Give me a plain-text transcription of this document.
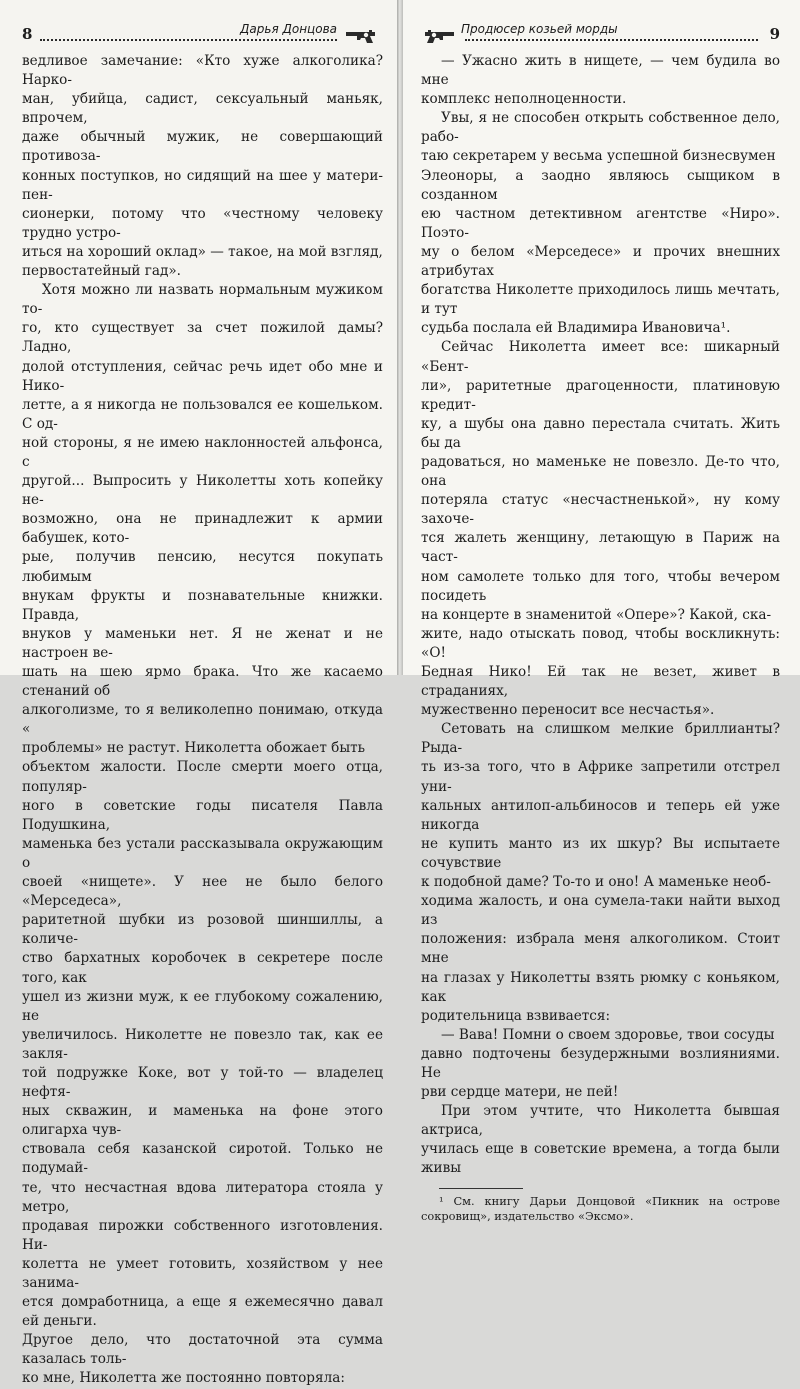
8	Дарья Донцова

ведливое замечание: «Кто хуже алкоголика? Нарко-

ман, убийца, садист, сексуальный маньяк, впрочем,

даже обычный мужик, не совершающий противоза-

конных поступков, но сидящий на шее у матери-пен-

сионерки, потому что «честному человеку трудно устро-

иться на хороший оклад» — такое, на мой взгляд,

первостатейный гад».

Хотя можно ли назвать нормальным мужиком то-

го, кто существует за счет пожилой дамы? Ладно,

долой отступления, сейчас речь идет обо мне и Нико-

летте, а я никогда не пользовался ее кошельком. С од-

ной стороны, я не имею наклонностей альфонса, с

другой... Выпросить у Николетты хоть копейку не-

возможно, она не принадлежит к армии бабушек, кото-

рые, получив пенсию, несутся покупать любимым

внукам фрукты и познавательные книжки. Правда,

внуков у маменьки нет. Я не женат и не настроен ве-

шать на шею ярмо брака. Что же касаемо стенаний об

алкоголизме, то я великолепно понимаю, откуда «

проблемы» не растут. Николетта обожает быть

объектом жалости. После смерти моего отца, популяр-

ного в советские годы писателя Павла Подушкина,

маменька без устали рассказывала окружающим о

своей «нищете». У нее не было белого «Мерседеса»,

раритетной шубки из розовой шиншиллы, а количе-

ство бархатных коробочек в секретере после того, как

ушел из жизни муж, к ее глубокому сожалению, не

увеличилось. Николетте не повезло так, как ее закля-

той подружке Коке, вот у той-то — владелец нефтя-

ных скважин, и маменька на фоне этого олигарха чув-

ствовала себя казанской сиротой. Только не подумай-

те, что несчастная вдова литератора стояла у метро,

продавая пирожки собственного изготовления. Ни-

колетта не умеет готовить, хозяйством у нее занима-

ется домработница, а еще я ежемесячно давал ей деньги.

Другое дело, что достаточной эта сумма казалась толь-

ко мне, Николетта же постоянно повторяла:

Продюсер козьей морды	9

— Ужасно жить в нищете, — чем будила во мне

комплекс неполноценности.

Увы, я не способен открыть собственное дело, рабо-

таю секретарем у весьма успешной бизнесвумен

Элеоноры, а заодно являюсь сыщиком в созданном

ею частном детективном агентстве «Ниро». Поэто-

му о белом «Мерседесе» и прочих внешних атрибутах

богатства Николетте приходилось лишь мечтать, и тут

судьба послала ей Владимира Ивановича¹.

Сейчас Николетта имеет все: шикарный «Бент-

ли», раритетные драгоценности, платиновую кредит-

ку, а шубы она давно перестала считать. Жить бы да

радоваться, но маменьке не повезло. Де-то что, она

потеряла статус «несчастненькой», ну кому захоче-

тся жалеть женщину, летающую в Париж на част-

ном самолете только для того, чтобы вечером посидеть

на концерте в знаменитой «Опере»? Какой, ска-

жите, надо отыскать повод, чтобы воскликнуть: «О!

Бедная Нико! Ей так не везет, живет в страданиях,

мужественно переносит все несчастья».

Сетовать на слишком мелкие бриллианты? Рыда-

ть из-за того, что в Африке запретили отстрел уни-

кальных антилоп-альбиносов и теперь ей уже никогда

не купить манто из их шкур? Вы испытаете сочувствие

к подобной даме? То-то и оно! А маменьке необ-

ходима жалость, и она сумела-таки найти выход из

положения: избрала меня алкоголиком. Стоит мне

на глазах у Николетты взять рюмку с коньяком, как

родительница взвивается:

— Вава! Помни о своем здоровье, твои сосуды

давно подточены безудержными возлияниями. Не

рви сердце матери, не пей!

При этом учтите, что Николетта бывшая актриса,

училась еще в советские времена, а тогда были живы

¹ См. книгу Дарьи Донцовой «Пикник на острове сокровищ», издательство «Эксмо».
